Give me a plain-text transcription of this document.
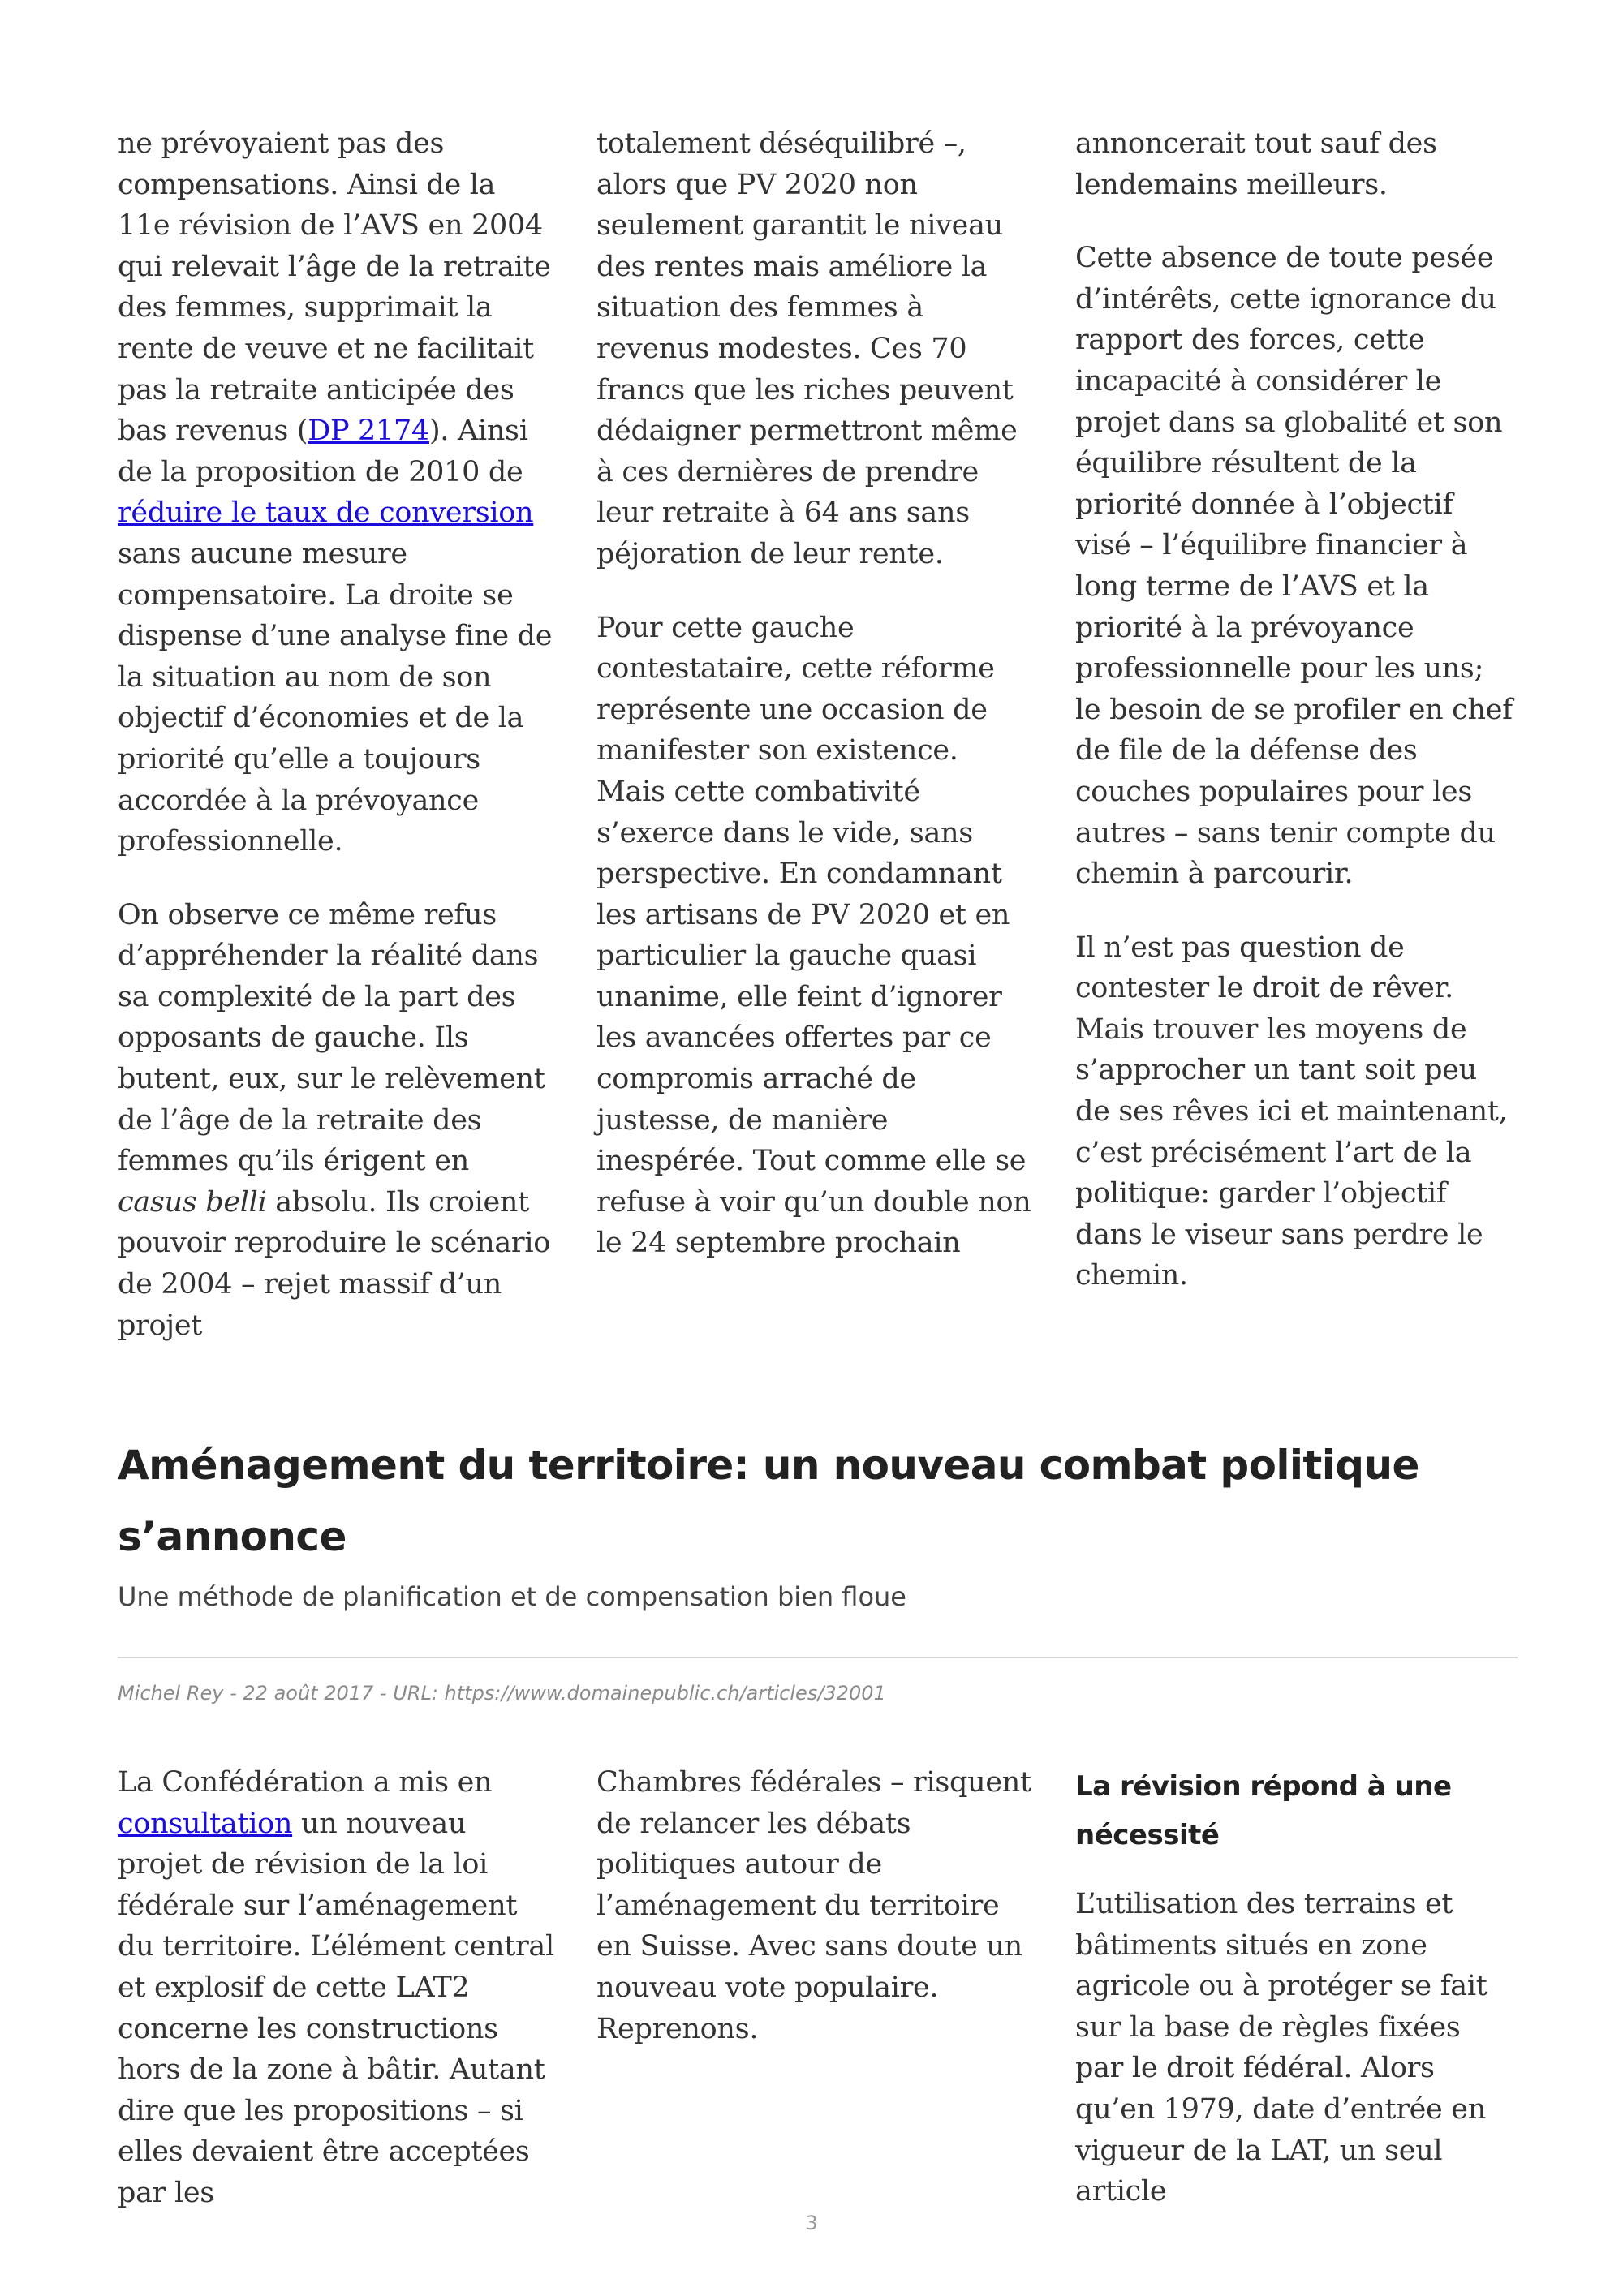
ne prévoyaient pas des compensations. Ainsi de la 11e révision de l’AVS en 2004 qui relevait l’âge de la retraite des femmes, supprimait la rente de veuve et ne facilitait pas la retraite anticipée des bas revenus (DP 2174). Ainsi de la proposition de 2010 de réduire le taux de conversion sans aucune mesure compensatoire. La droite se dispense d’une analyse fine de la situation au nom de son objectif d’économies et de la priorité qu’elle a toujours accordée à la prévoyance professionnelle.

On observe ce même refus d’appréhender la réalité dans sa complexité de la part des opposants de gauche. Ils butent, eux, sur le relèvement de l’âge de la retraite des femmes qu’ils érigent en casus belli absolu. Ils croient pouvoir reproduire le scénario de 2004 – rejet massif d’un projet

totalement déséquilibré –, alors que PV 2020 non seulement garantit le niveau des rentes mais améliore la situation des femmes à revenus modestes. Ces 70 francs que les riches peuvent dédaigner permettront même à ces dernières de prendre leur retraite à 64 ans sans péjoration de leur rente.

Pour cette gauche contestataire, cette réforme représente une occasion de manifester son existence. Mais cette combativité s’exerce dans le vide, sans perspective. En condamnant les artisans de PV 2020 et en particulier la gauche quasi unanime, elle feint d’ignorer les avancées offertes par ce compromis arraché de justesse, de manière inespérée. Tout comme elle se refuse à voir qu’un double non le 24 septembre prochain

annoncerait tout sauf des lendemains meilleurs.

Cette absence de toute pesée d’intérêts, cette ignorance du rapport des forces, cette incapacité à considérer le projet dans sa globalité et son équilibre résultent de la priorité donnée à l’objectif visé – l’équilibre financier à long terme de l’AVS et la priorité à la prévoyance professionnelle pour les uns; le besoin de se profiler en chef de file de la défense des couches populaires pour les autres – sans tenir compte du chemin à parcourir.

Il n’est pas question de contester le droit de rêver. Mais trouver les moyens de s’approcher un tant soit peu de ses rêves ici et maintenant, c’est précisément l’art de la politique: garder l’objectif dans le viseur sans perdre le chemin.

Aménagement du territoire: un nouveau combat politique s’annonce

Une méthode de planification et de compensation bien floue

Michel Rey - 22 août 2017 - URL: https://www.domainepublic.ch/articles/32001

La Confédération a mis en consultation un nouveau projet de révision de la loi fédérale sur l’aménagement du territoire. L’élément central et explosif de cette LAT2 concerne les constructions hors de la zone à bâtir. Autant dire que les propositions – si elles devaient être acceptées par les

Chambres fédérales – risquent de relancer les débats politiques autour de l’aménagement du territoire en Suisse. Avec sans doute un nouveau vote populaire. Reprenons.

La révision répond à une nécessité

L’utilisation des terrains et bâtiments situés en zone agricole ou à protéger se fait sur la base de règles fixées par le droit fédéral. Alors qu’en 1979, date d’entrée en vigueur de la LAT, un seul article

3
